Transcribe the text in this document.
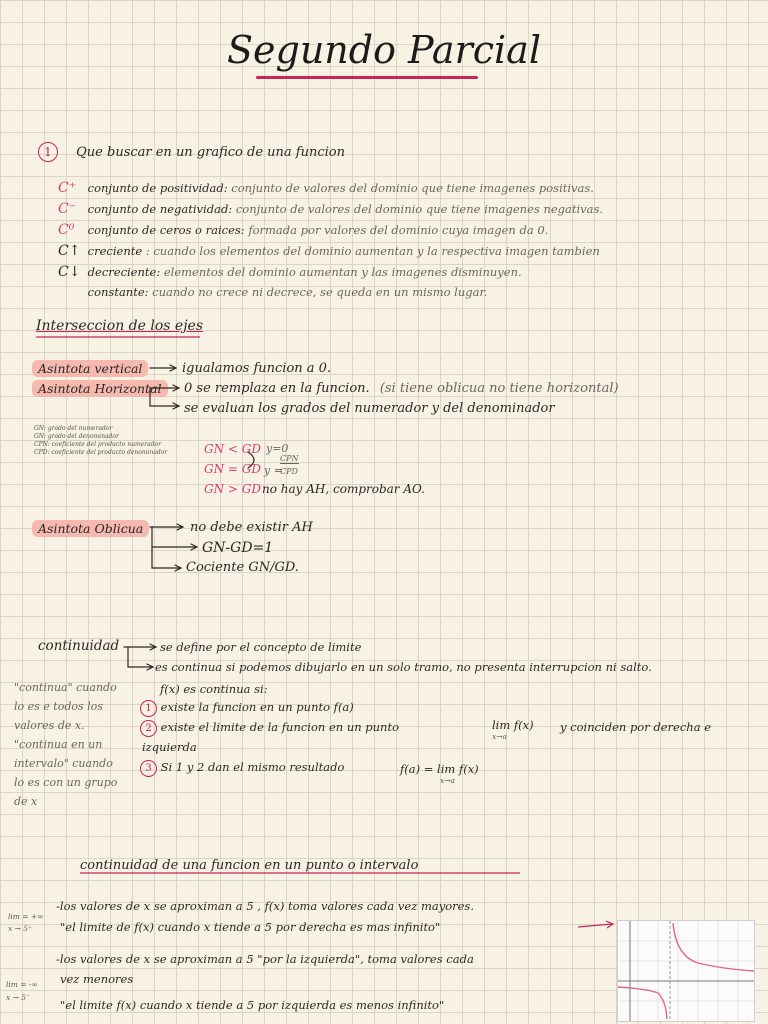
Segundo Parcial
1 Que buscar en un grafico de una funcion
C⁺ conjunto de positividad: conjunto de valores del dominio que tiene imagenes positivas.
C⁻ conjunto de negatividad: conjunto de valores del dominio que tiene imagenes negativas.
C⁰ conjunto de ceros o raices: formada por valores del dominio cuya imagen da 0.
C↑ creciente : cuando los elementos del dominio aumentan y la respectiva imagen tambien
C↓ decreciente: elementos del dominio aumentan y las imagenes disminuyen.
constante: cuando no crece ni decrece, se queda en un mismo lugar.
Interseccion de los ejes
Asintota vertical	igualamos funcion a 0.
Asintota Horizontal	0 se remplaza en la funcion. (si tiene oblicua no tiene horizontal)
se evaluan los grados del numerador y del denominador
GN: grado del numerador
GN: grado del denominador
CPN: coeficiente del producto numerador
CPD: coeficiente del producto denominador	GN < GD y=0
GN = GD y =
CPN
CPD
GN > GD no hay AH, comprobar AO.
Asintota Oblicua	no debe existir AH
GN-GD=1
Cociente GN/GD.
continuidad	se define por el concepto de limite
es continua si podemos dibujarlo en un solo tramo, no presenta interrupcion ni salto.
"continua" cuando
lo es e todos los
valores de x.
"continua en un
intervalo" cuando
lo es con un grupo
de x
f(x) es continua si:
1 existe la funcion en un punto f(a)
2 existe el limite de la funcion en un punto	lim f(x)
x→a
y coinciden por derecha e
izquierda
3 Si 1 y 2 dan el mismo resultado	f(a) = lim f(x)
x→a
continuidad de una funcion en un punto o intervalo
lim = +∞
x → 5⁺
-los valores de x se aproximan a 5 , f(x) toma valores cada vez mayores.
"el limite de f(x) cuando x tiende a 5 por derecha es mas infinito"
-los valores de x se aproximan a 5 "por la izquierda", toma valores cada
vez menores
lim = -∞
x → 5⁻
"el limite f(x) cuando x tiende a 5 por izquierda es menos infinito"
